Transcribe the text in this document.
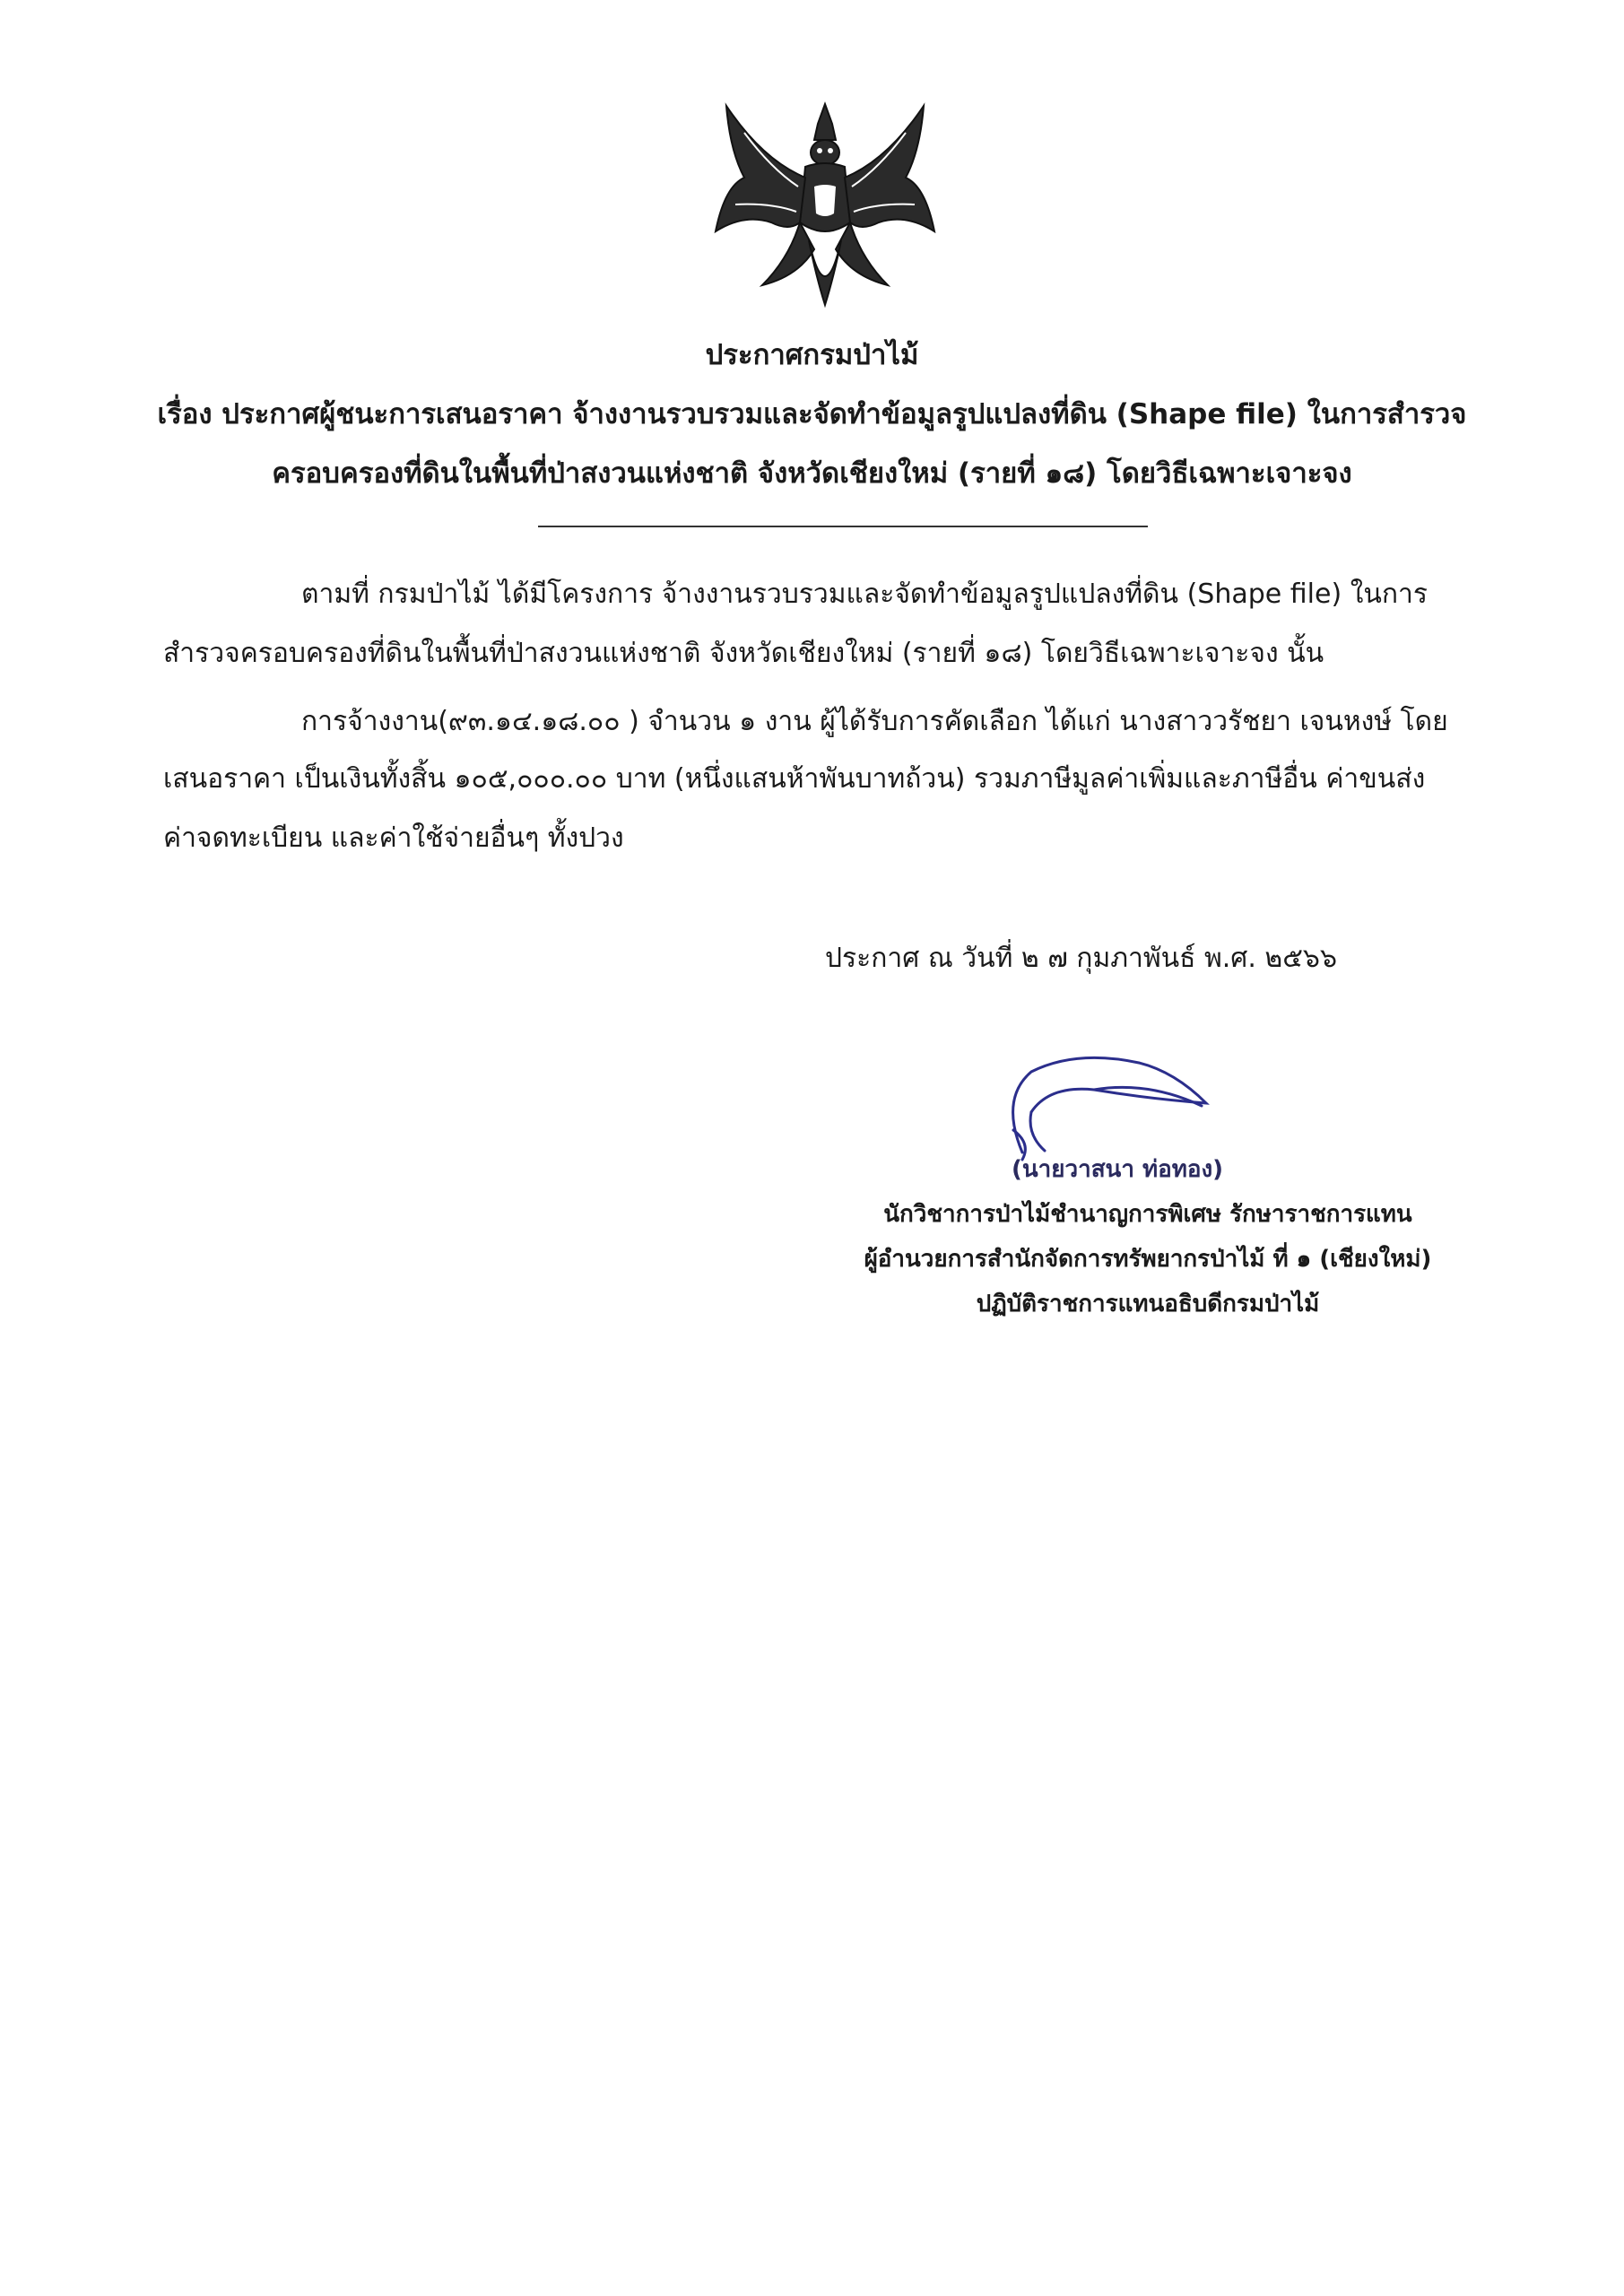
ประกาศกรมป่าไม้
เรื่อง ประกาศผู้ชนะการเสนอราคา จ้างงานรวบรวมและจัดทำข้อมูลรูปแปลงที่ดิน (Shape file) ในการสำรวจ
ครอบครองที่ดินในพื้นที่ป่าสงวนแห่งชาติ จังหวัดเชียงใหม่ (รายที่ ๑๘) โดยวิธีเฉพาะเจาะจง
ตามที่ กรมป่าไม้ ได้มีโครงการ จ้างงานรวบรวมและจัดทำข้อมูลรูปแปลงที่ดิน (Shape file) ในการ
สำรวจครอบครองที่ดินในพื้นที่ป่าสงวนแห่งชาติ จังหวัดเชียงใหม่ (รายที่ ๑๘) โดยวิธีเฉพาะเจาะจง นั้น
การจ้างงาน(๙๓.๑๔.๑๘.๐๐ ) จำนวน ๑ งาน ผู้ได้รับการคัดเลือก ได้แก่ นางสาววรัชยา เจนหงษ์ โดย
เสนอราคา เป็นเงินทั้งสิ้น ๑๐๕,๐๐๐.๐๐ บาท (หนึ่งแสนห้าพันบาทถ้วน) รวมภาษีมูลค่าเพิ่มและภาษีอื่น ค่าขนส่ง
ค่าจดทะเบียน และค่าใช้จ่ายอื่นๆ ทั้งปวง
ประกาศ ณ วันที่ ๒ ๗ กุมภาพันธ์ พ.ศ. ๒๕๖๖
(นายวาสนา ท่อทอง)
นักวิชาการป่าไม้ชำนาญการพิเศษ รักษาราชการแทน
ผู้อำนวยการสำนักจัดการทรัพยากรป่าไม้ ที่ ๑ (เชียงใหม่)
ปฏิบัติราชการแทนอธิบดีกรมป่าไม้
